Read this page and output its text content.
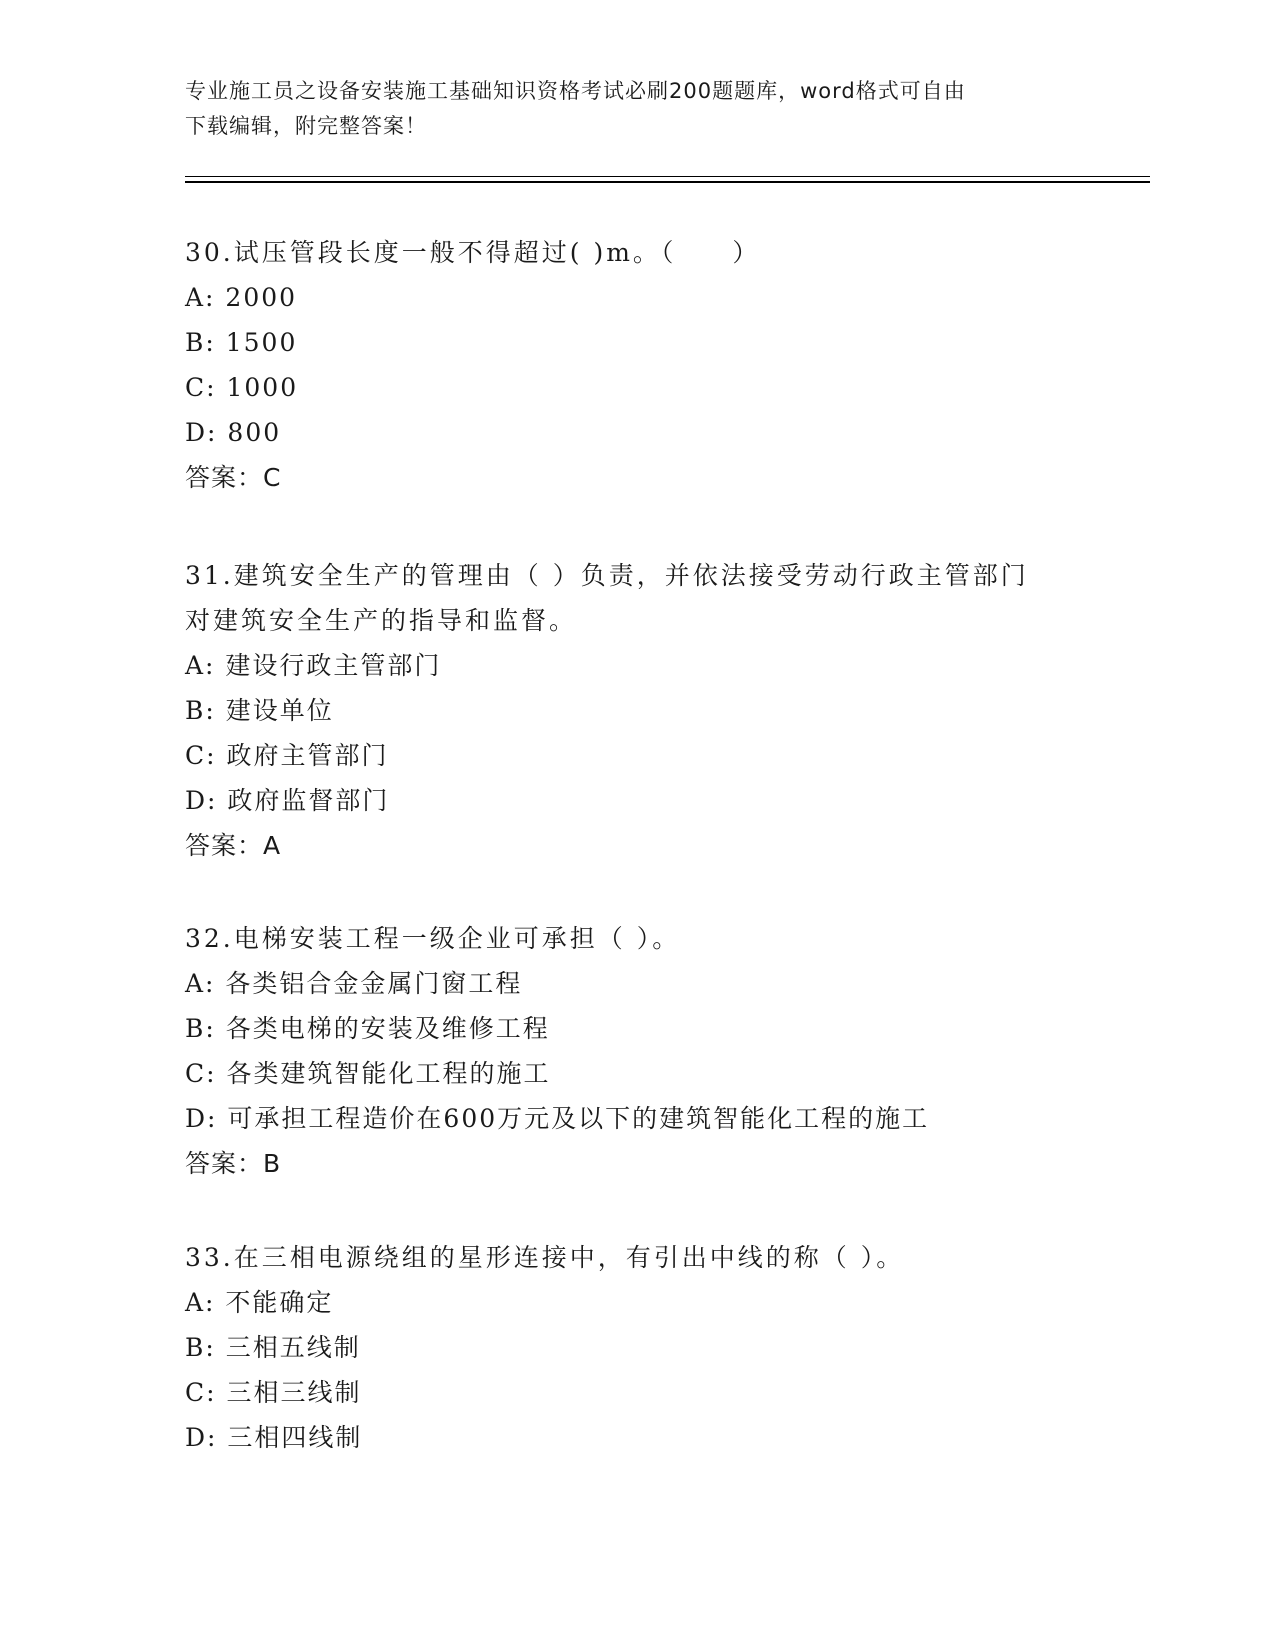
专业施工员之设备安装施工基础知识资格考试必刷200题题库，word格式可自由
下载编辑，附完整答案！
30.试压管段长度一般不得超过( )m。（　　）
A: 2000
B: 1500
C: 1000
D: 800
答案：C
31.建筑安全生产的管理由（ ）负责，并依法接受劳动行政主管部门
对建筑安全生产的指导和监督。
A: 建设行政主管部门
B: 建设单位
C: 政府主管部门
D: 政府监督部门
答案：A
32.电梯安装工程一级企业可承担（ ）。
A: 各类铝合金金属门窗工程
B: 各类电梯的安装及维修工程
C: 各类建筑智能化工程的施工
D: 可承担工程造价在600万元及以下的建筑智能化工程的施工
答案：B
33.在三相电源绕组的星形连接中，有引出中线的称（ ）。
A: 不能确定
B: 三相五线制
C: 三相三线制
D: 三相四线制
